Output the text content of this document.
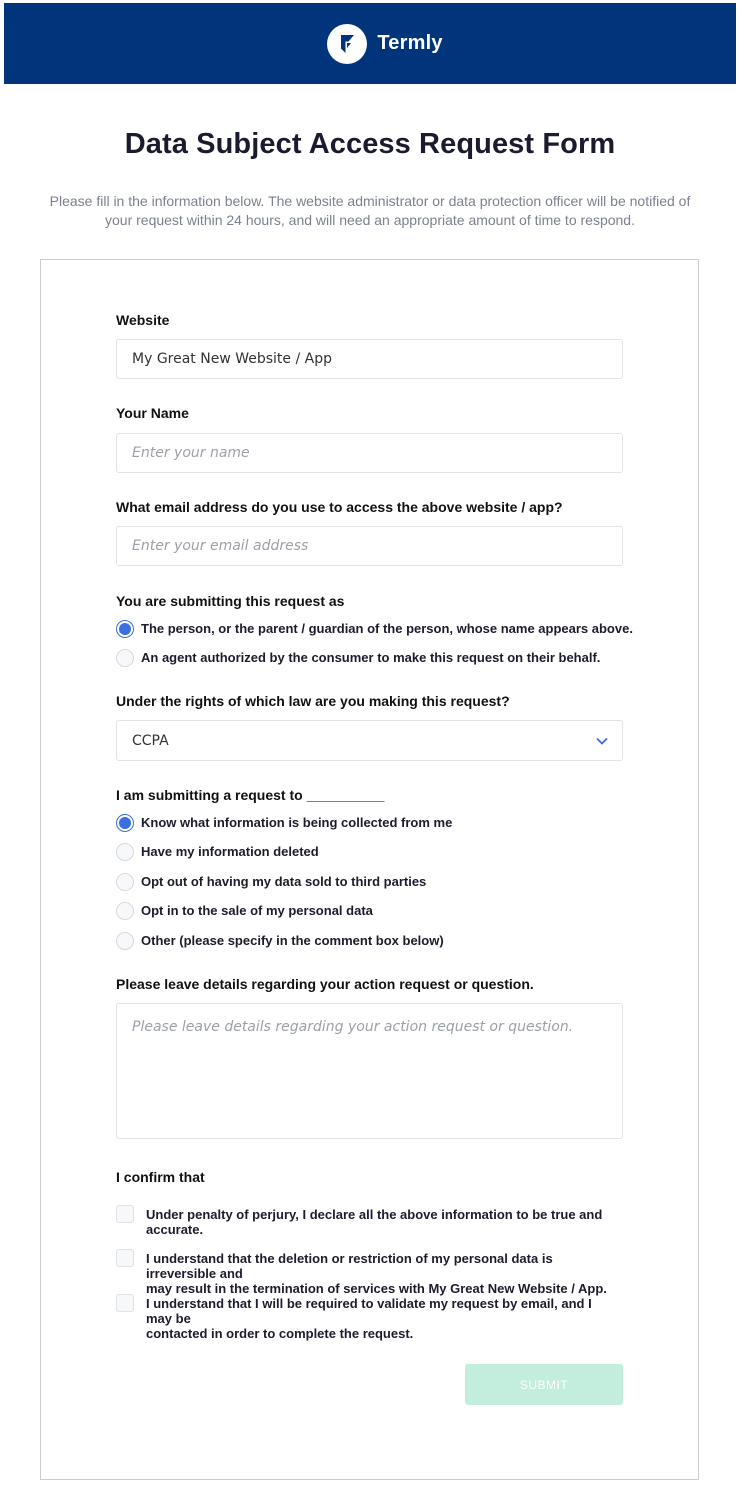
Termly
Data Subject Access Request Form

Please fill in the information below. The website administrator or data protection officer will be notified of
your request within 24 hours, and will need an appropriate amount of time to respond.

Website
My Great New Website / App
Your Name
Enter your name
What email address do you use to access the above website / app?
Enter your email address
You are submitting this request as
The person, or the parent / guardian of the person, whose name appears above.
An agent authorized by the consumer to make this request on their behalf.
Under the rights of which law are you making this request?
CCPA
I am submitting a request to __________
Know what information is being collected from me
Have my information deleted
Opt out of having my data sold to third parties
Opt in to the sale of my personal data
Other (please specify in the comment box below)
Please leave details regarding your action request or question.
Please leave details regarding your action request or question.
I confirm that
Under penalty of perjury, I declare all the above information to be true and
accurate.
I understand that the deletion or restriction of my personal data is irreversible and
may result in the termination of services with My Great New Website / App.
I understand that I will be required to validate my request by email, and I may be
contacted in order to complete the request.
SUBMIT
